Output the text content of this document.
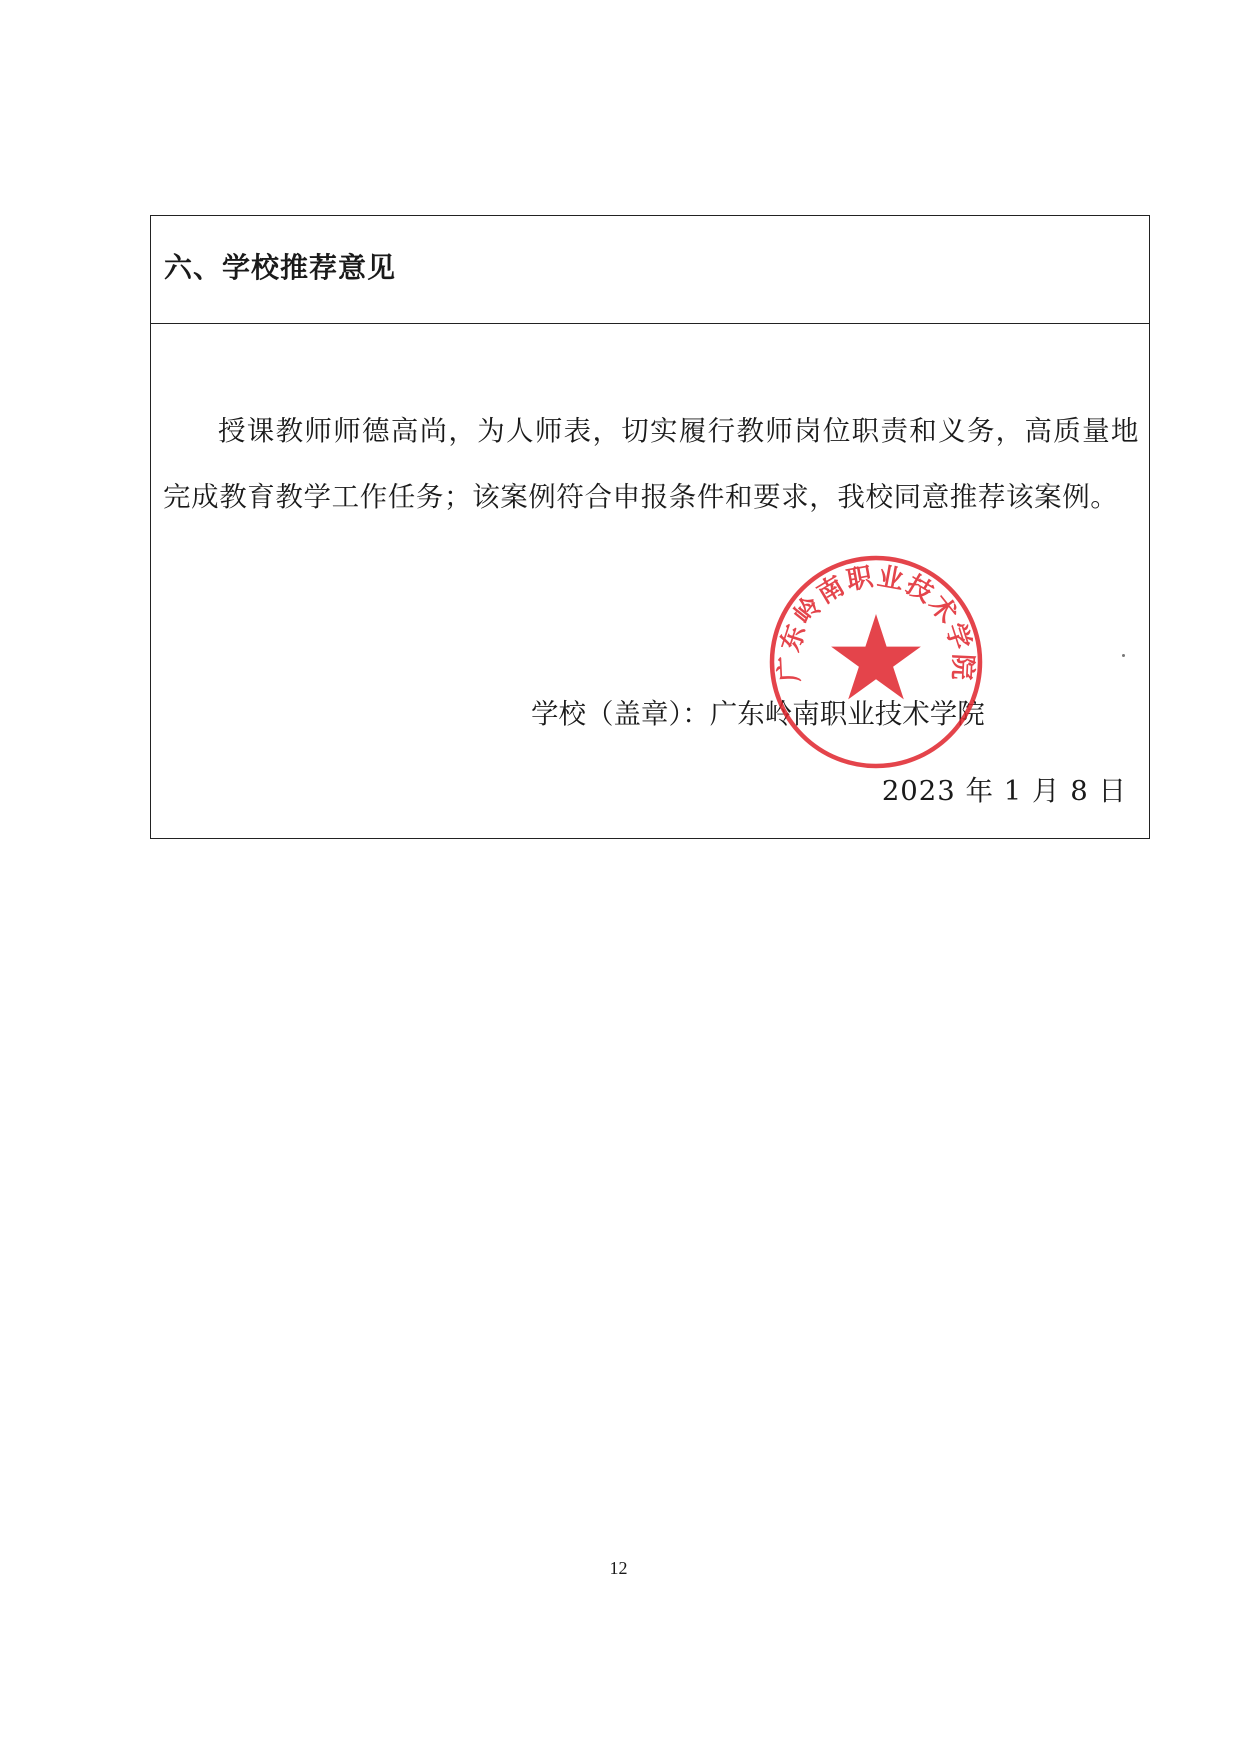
六、学校推荐意见

授课教师师德高尚，为人师表，切实履行教师岗位职责和义务，高质量地完成教育教学工作任务；该案例符合申报条件和要求，我校同意推荐该案例。

学校（盖章）：广东岭南职业技术学院
2023 年 1 月 8 日
广东岭南职业技术学院
12
